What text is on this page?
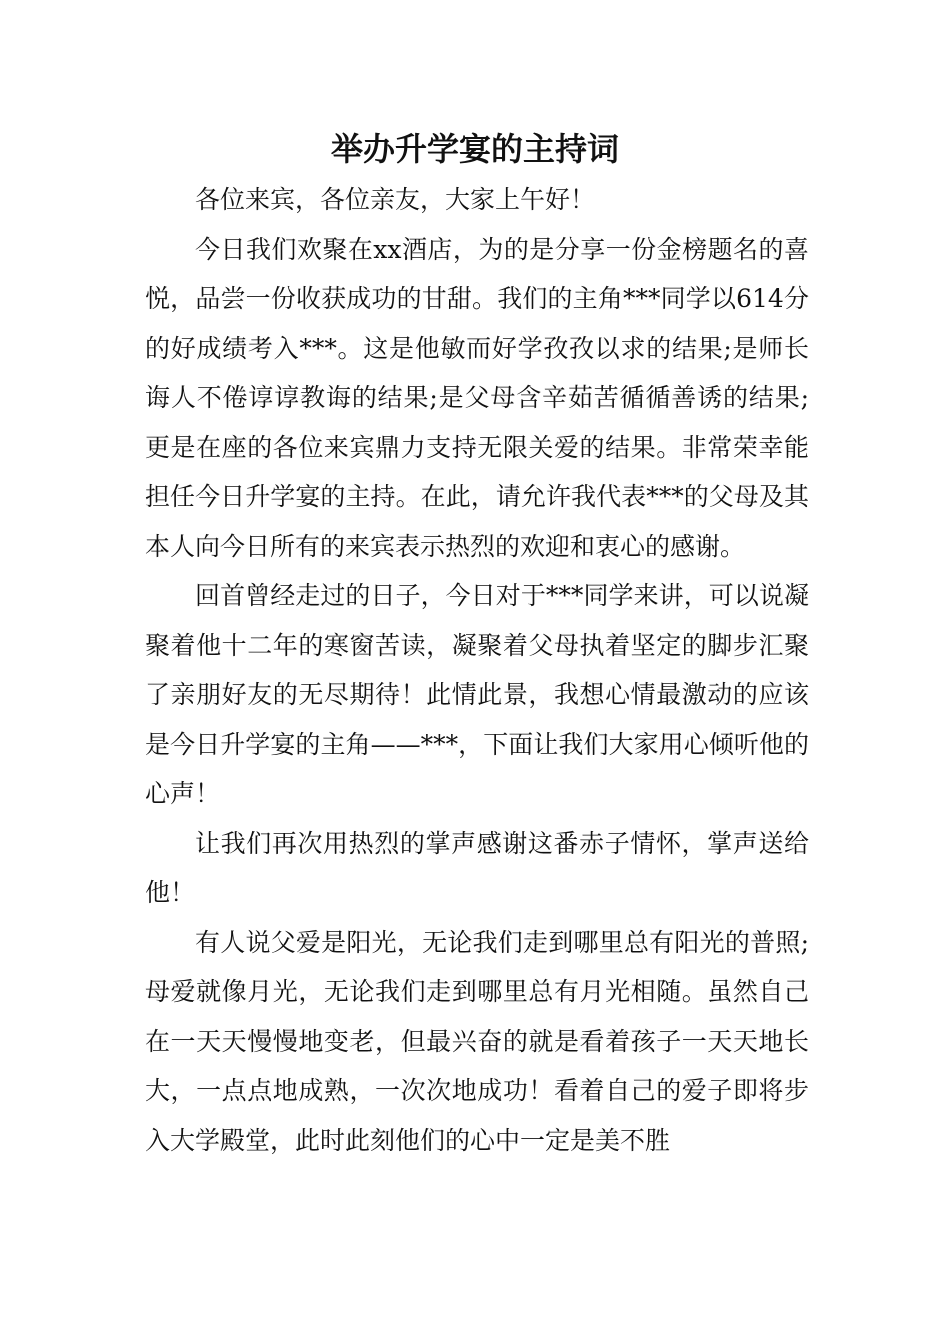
举办升学宴的主持词

各位来宾，各位亲友，大家上午好！

今日我们欢聚在xx酒店，为的是分享一份金榜题名的喜悦，品尝一份收获成功的甘甜。我们的主角***同学以614分的好成绩考入***。这是他敏而好学孜孜以求的结果;是师长诲人不倦谆谆教诲的结果;是父母含辛茹苦循循善诱的结果;更是在座的各位来宾鼎力支持无限关爱的结果。非常荣幸能担任今日升学宴的主持。在此，请允许我代表***的父母及其本人向今日所有的来宾表示热烈的欢迎和衷心的感谢。

回首曾经走过的日子，今日对于***同学来讲，可以说凝聚着他十二年的寒窗苦读，凝聚着父母执着坚定的脚步汇聚了亲朋好友的无尽期待！此情此景，我想心情最激动的应该是今日升学宴的主角——***，下面让我们大家用心倾听他的心声！

让我们再次用热烈的掌声感谢这番赤子情怀，掌声送给他！

有人说父爱是阳光，无论我们走到哪里总有阳光的普照;母爱就像月光，无论我们走到哪里总有月光相随。虽然自己在一天天慢慢地变老，但最兴奋的就是看着孩子一天天地长大，一点点地成熟，一次次地成功！看着自己的爱子即将步入大学殿堂，此时此刻他们的心中一定是美不胜
